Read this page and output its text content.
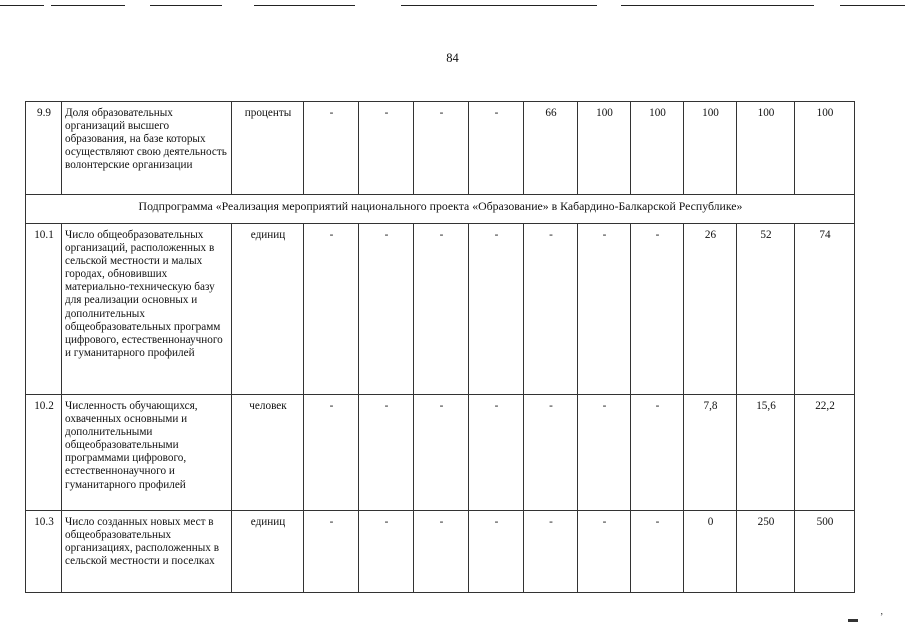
84
9.9	Доля образовательных организаций высшего образования, на базе которых осуществляют свою деятельность волонтерские организации	проценты	-	-	-	-	66	100	100	100	100	100
Подпрограмма «Реализация мероприятий национального проекта «Образование» в Кабардино-Балкарской Республике»												
10.1	Число общеобразовательных организаций, расположенных в сельской местности и малых городах, обновивших материально-техническую базу для реализации основных и дополнительных общеобразовательных программ цифрового, естественнонаучного и гуманитарного профилей	единиц	-	-	-	-	-	-	-	26	52	74
10.2	Численность обучающихся, охваченных основными и дополнительными общеобразовательными программами цифрового, естественнонаучного и гуманитарного профилей	человек	-	-	-	-	-	-	-	7,8	15,6	22,2
10.3	Число созданных новых мест в общеобразовательных организациях, расположенных в сельской местности и поселках	единиц	-	-	-	-	-	-	-	0	250	500
▬ ’
